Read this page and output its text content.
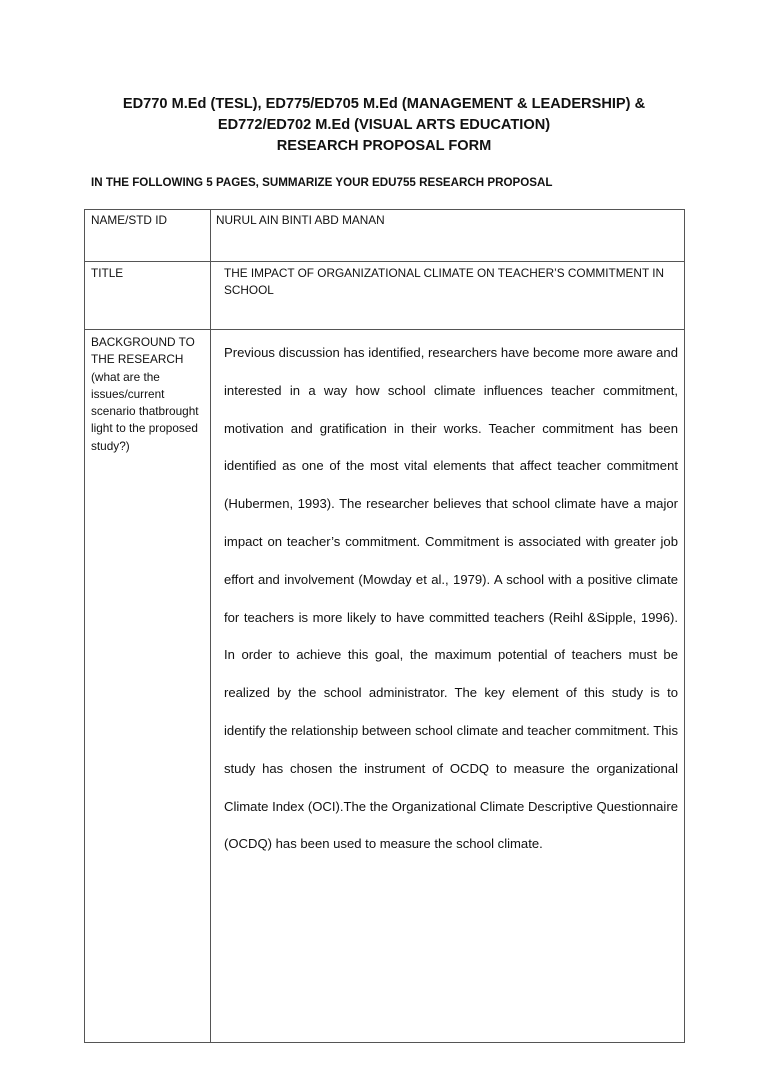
ED770 M.Ed (TESL), ED775/ED705 M.Ed (MANAGEMENT & LEADERSHIP) &
ED772/ED702 M.Ed (VISUAL ARTS EDUCATION)
RESEARCH PROPOSAL FORM
IN THE FOLLOWING 5 PAGES, SUMMARIZE YOUR EDU755 RESEARCH PROPOSAL
NAME/STD ID	NURUL AIN BINTI ABD MANAN
TITLE	THE IMPACT OF ORGANIZATIONAL CLIMATE ON TEACHER’S COMMITMENT IN SCHOOL
BACKGROUND TO THE RESEARCH (what are the issues/current scenario thatbrought light to the proposed study?)
Previous discussion has identified, researchers have become more aware and interested in a way how school climate influences teacher commitment, motivation and gratification in their works. Teacher commitment has been identified as one of the most vital elements that affect teacher commitment (Hubermen, 1993). The researcher believes that school climate have a major impact on teacher’s commitment. Commitment is associated with greater job effort and involvement (Mowday et al., 1979). A school with a positive climate for teachers is more likely to have committed teachers (Reihl &Sipple, 1996). In order to achieve this goal, the maximum potential of teachers must be realized by the school administrator. The key element of this study is to identify the relationship between school climate and teacher commitment. This study has chosen the instrument of OCDQ to measure the organizational Climate Index (OCI).The the Organizational Climate Descriptive Questionnaire (OCDQ) has been used to measure the school climate.
